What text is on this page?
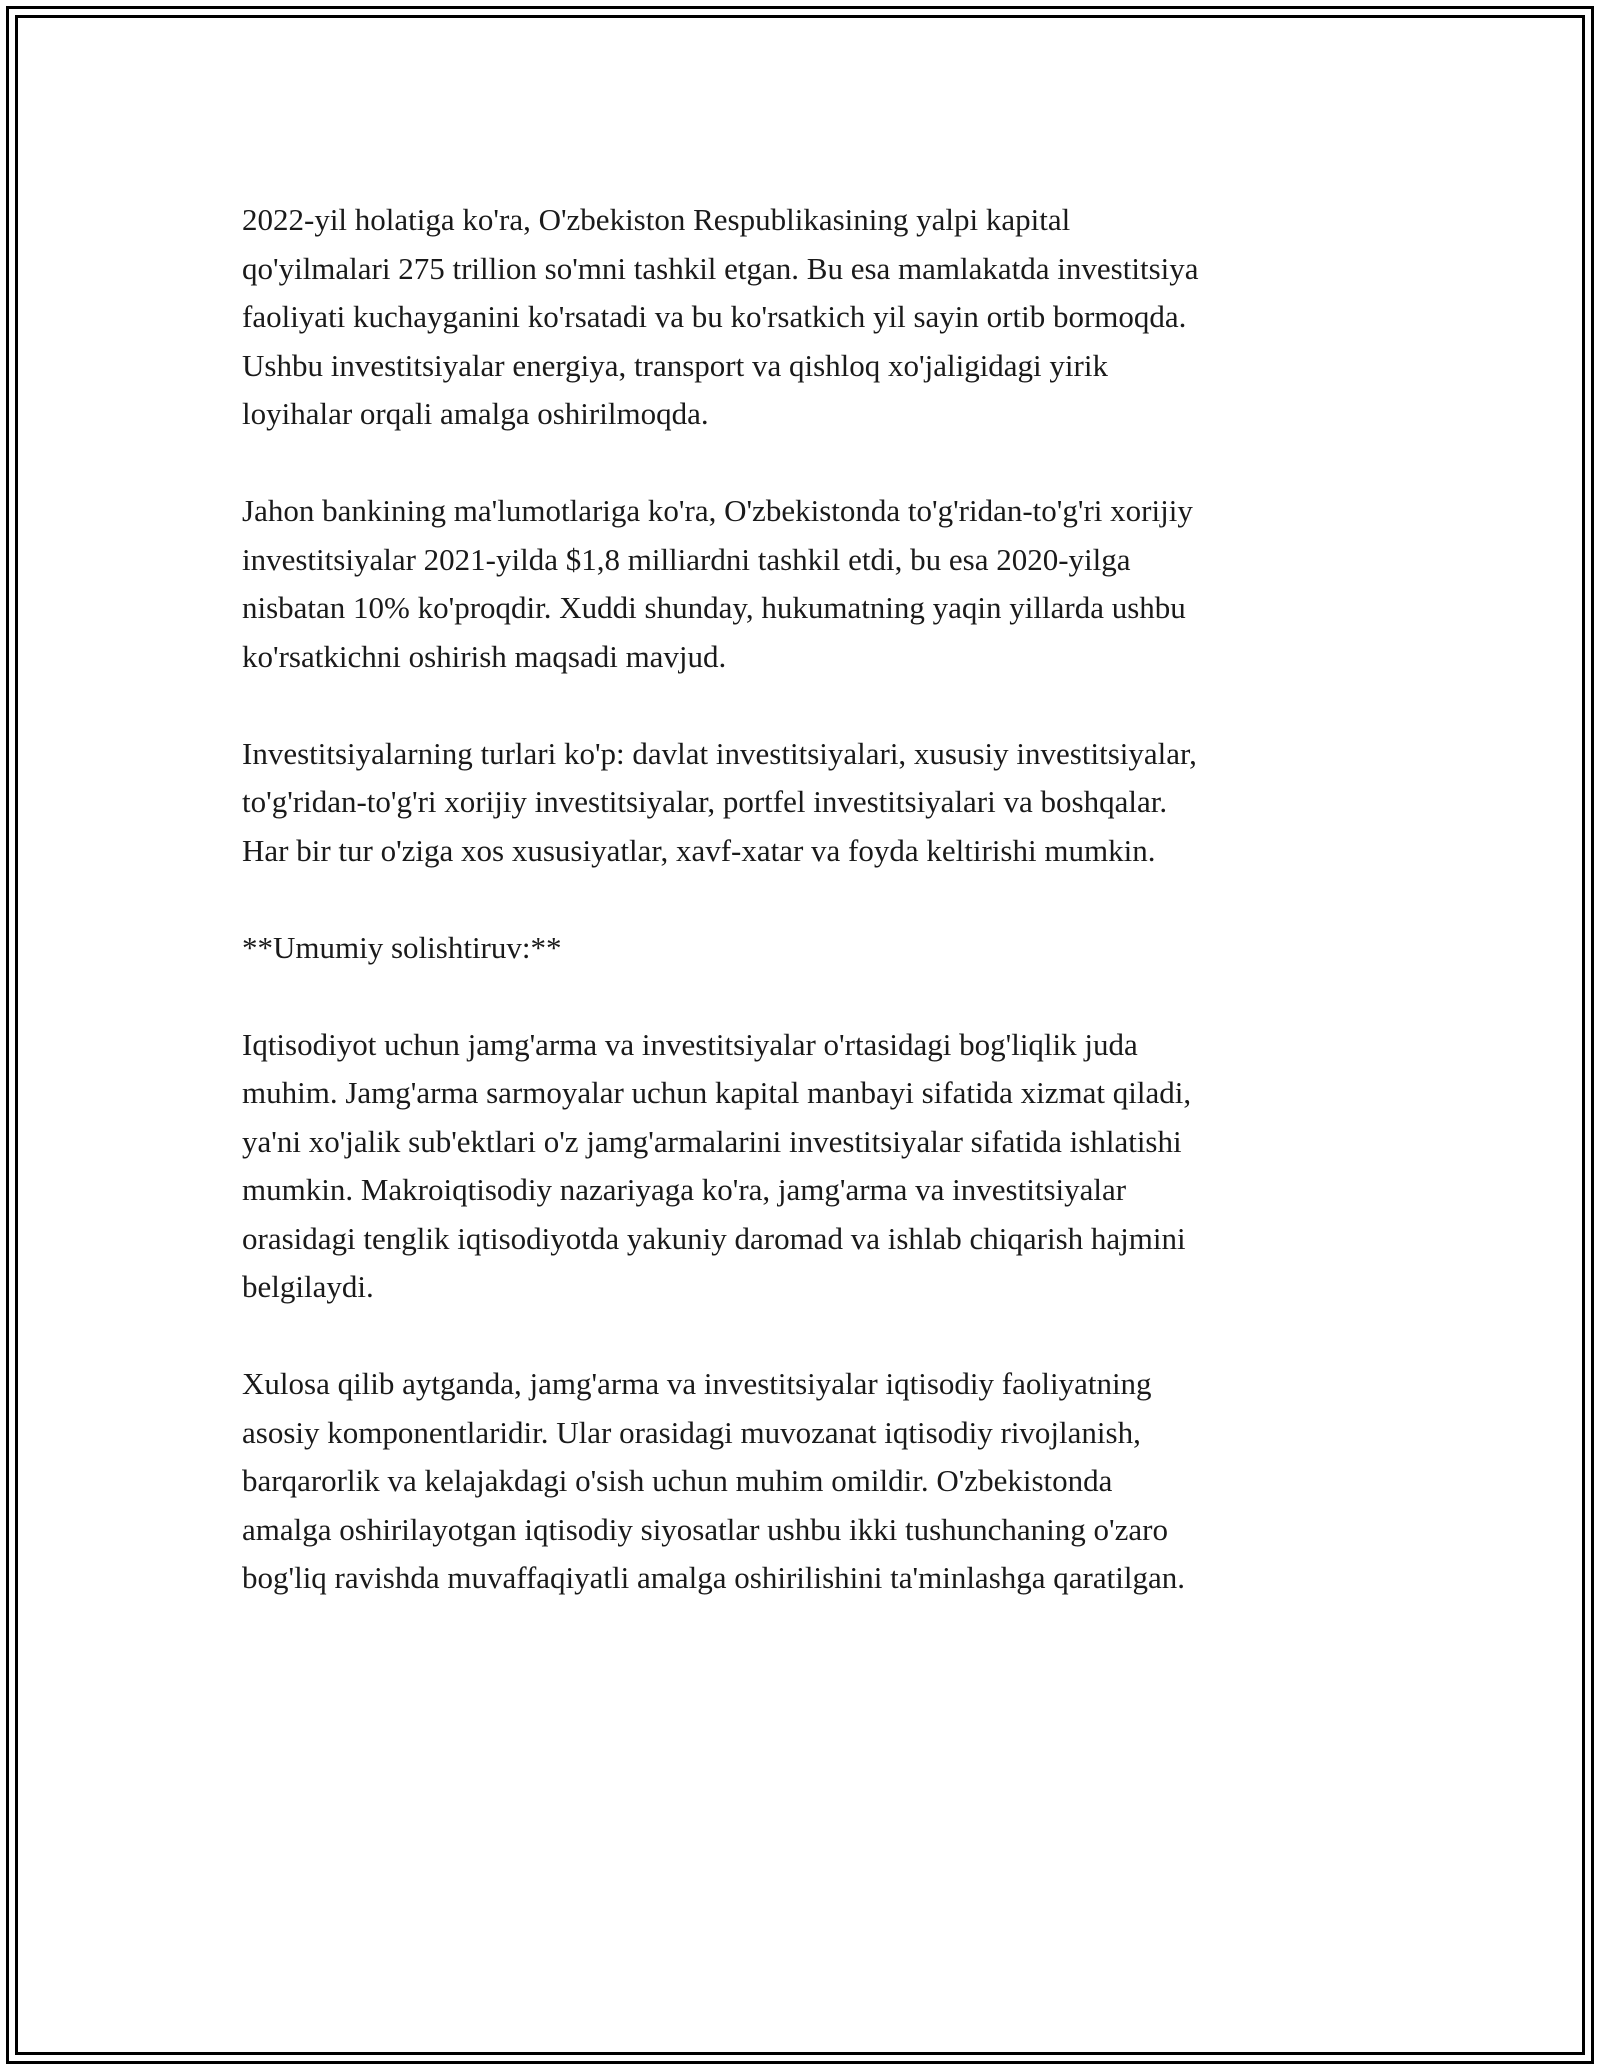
2022-yil holatiga ko'ra, O'zbekiston Respublikasining yalpi kapital
qo'yilmalari 275 trillion so'mni tashkil etgan. Bu esa mamlakatda investitsiya
faoliyati kuchayganini ko'rsatadi va bu ko'rsatkich yil sayin ortib bormoqda.
Ushbu investitsiyalar energiya, transport va qishloq xo'jaligidagi yirik
loyihalar orqali amalga oshirilmoqda.

Jahon bankining ma'lumotlariga ko'ra, O'zbekistonda to'g'ridan-to'g'ri xorijiy
investitsiyalar 2021-yilda $1,8 milliardni tashkil etdi, bu esa 2020-yilga
nisbatan 10% ko'proqdir. Xuddi shunday, hukumatning yaqin yillarda ushbu
ko'rsatkichni oshirish maqsadi mavjud.

Investitsiyalarning turlari ko'p: davlat investitsiyalari, xususiy investitsiyalar,
to'g'ridan-to'g'ri xorijiy investitsiyalar, portfel investitsiyalari va boshqalar.
Har bir tur o'ziga xos xususiyatlar, xavf-xatar va foyda keltirishi mumkin.

**Umumiy solishtiruv:**

Iqtisodiyot uchun jamg'arma va investitsiyalar o'rtasidagi bog'liqlik juda
muhim. Jamg'arma sarmoyalar uchun kapital manbayi sifatida xizmat qiladi,
ya'ni xo'jalik sub'ektlari o'z jamg'armalarini investitsiyalar sifatida ishlatishi
mumkin. Makroiqtisodiy nazariyaga ko'ra, jamg'arma va investitsiyalar
orasidagi tenglik iqtisodiyotda yakuniy daromad va ishlab chiqarish hajmini
belgilaydi.

Xulosa qilib aytganda, jamg'arma va investitsiyalar iqtisodiy faoliyatning
asosiy komponentlaridir. Ular orasidagi muvozanat iqtisodiy rivojlanish,
barqarorlik va kelajakdagi o'sish uchun muhim omildir. O'zbekistonda
amalga oshirilayotgan iqtisodiy siyosatlar ushbu ikki tushunchaning o'zaro
bog'liq ravishda muvaffaqiyatli amalga oshirilishini ta'minlashga qaratilgan.
